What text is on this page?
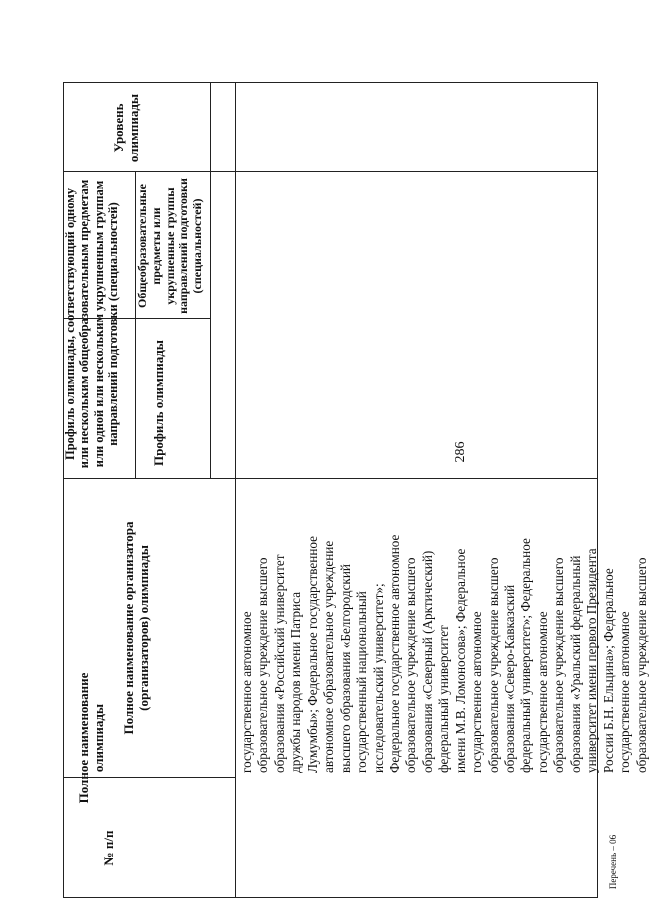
286
Перечень – 06
№ п/п
Полное наименование олимпиады
Полное наименование организатора (организаторов) олимпиады
Профиль олимпиады, соответствующий одному или нескольким общеобразовательным предметам или одной или нескольким укрупненным группам направлений подготовки (специальностей) Профиль олимпиады
Общеобразовательные предметы или укрупненные группы направлений подготовки (специальностей)
Уровень олимпиады
государственное автономное образовательное учреждение высшего образования «Российский университет дружбы народов имени Патриса Лумумбы»; Федеральное государственное автономное образовательное учреждение высшего образования «Белгородский государственный национальный исследовательский университет»; Федеральное государственное автономное образовательное учреждение высшего образования «Северный (Арктический) федеральный университет имени М.В. Ломоносова»; Федеральное государственное автономное образовательное учреждение высшего образования «Северо-Кавказский федеральный университет»; Федеральное государственное автономное образовательное учреждение высшего образования «Уральский федеральный университет имени первого Президента России Б.Н. Ельцина»; Федеральное государственное автономное образовательное учреждение высшего
